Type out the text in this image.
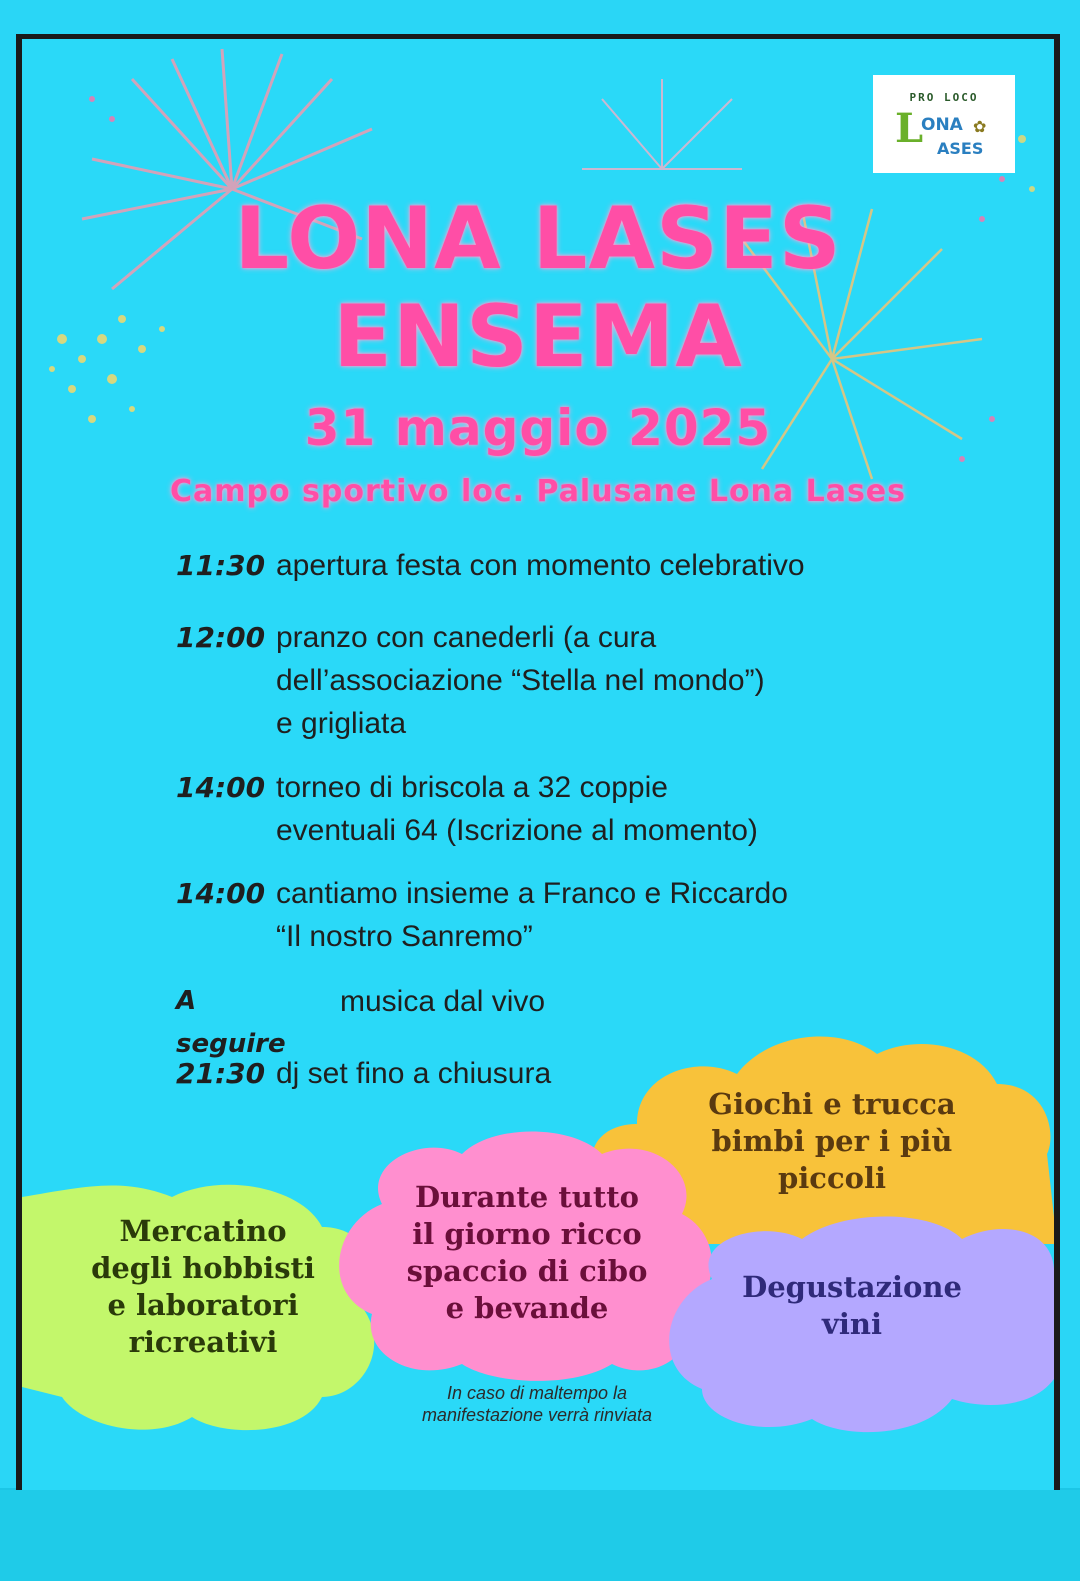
PRO LOCO
L
ONA ✿
ASES
LONA LASES
ENSEMA
31 maggio 2025
Campo sportivo loc. Palusane Lona Lases
11:30 apertura festa con momento celebrativo
12:00 pranzo con canederli (a cura
dell’associazione “Stella nel mondo”)
e grigliata
14:00 torneo di briscola a 32 coppie
eventuali 64 (Iscrizione al momento)
14:00 cantiamo insieme a Franco e Riccardo
“Il nostro Sanremo”
A seguire
musica dal vivo
21:30 dj set fino a chiusura
Giochi e trucca
bimbi per i più
piccoli
Mercatino
degli hobbisti
e laboratori
ricreativi
Durante tutto
il giorno ricco
spaccio di cibo
e bevande
Degustazione
vini
In caso di maltempo la
manifestazione verrà rinviata
